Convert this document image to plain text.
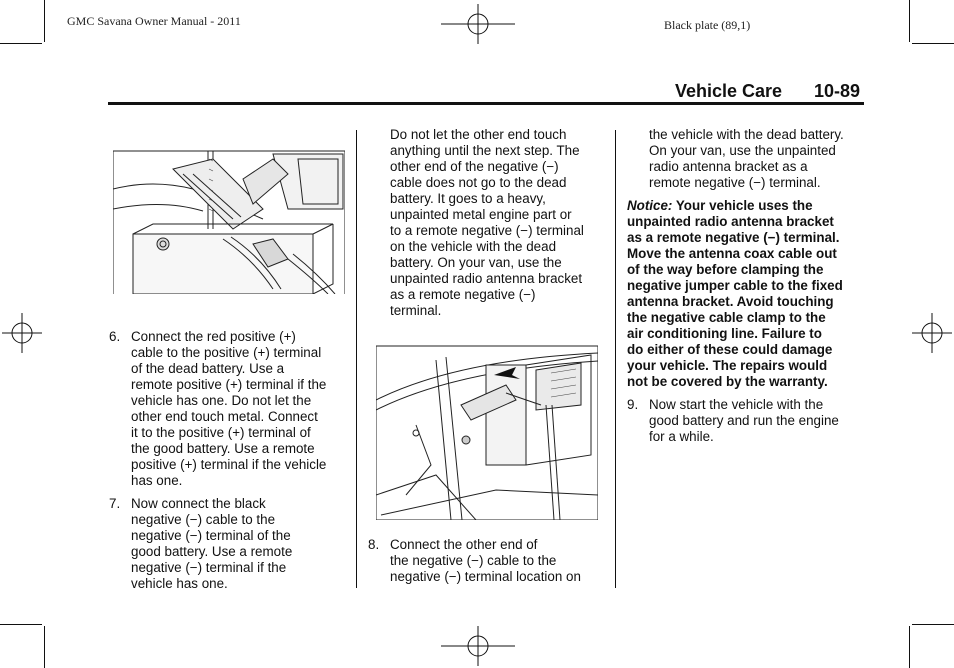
GMC Savana Owner Manual - 2011	Black plate (89,1)
Vehicle Care 10-89
6. Connect the red positive (+)
cable to the positive (+) terminal
of the dead battery. Use a
remote positive (+) terminal if the
vehicle has one. Do not let the
other end touch metal. Connect
it to the positive (+) terminal of
the good battery. Use a remote
positive (+) terminal if the vehicle
has one.
7. Now connect the black
negative (−) cable to the
negative (−) terminal of the
good battery. Use a remote
negative (−) terminal if the
vehicle has one.
Do not let the other end touch
anything until the next step. The
other end of the negative (−)
cable does not go to the dead
battery. It goes to a heavy,
unpainted metal engine part or
to a remote negative (−) terminal
on the vehicle with the dead
battery. On your van, use the
unpainted radio antenna bracket
as a remote negative (−)
terminal.
8. Connect the other end of
the negative (−) cable to the
negative (−) terminal location on
the vehicle with the dead battery.
On your van, use the unpainted
radio antenna bracket as a
remote negative (−) terminal.
Notice: Your vehicle uses the
unpainted radio antenna bracket
as a remote negative (−) terminal.
Move the antenna coax cable out
of the way before clamping the
negative jumper cable to the fixed
antenna bracket. Avoid touching
the negative cable clamp to the
air conditioning line. Failure to
do either of these could damage
your vehicle. The repairs would
not be covered by the warranty.
9. Now start the vehicle with the
good battery and run the engine
for a while.
